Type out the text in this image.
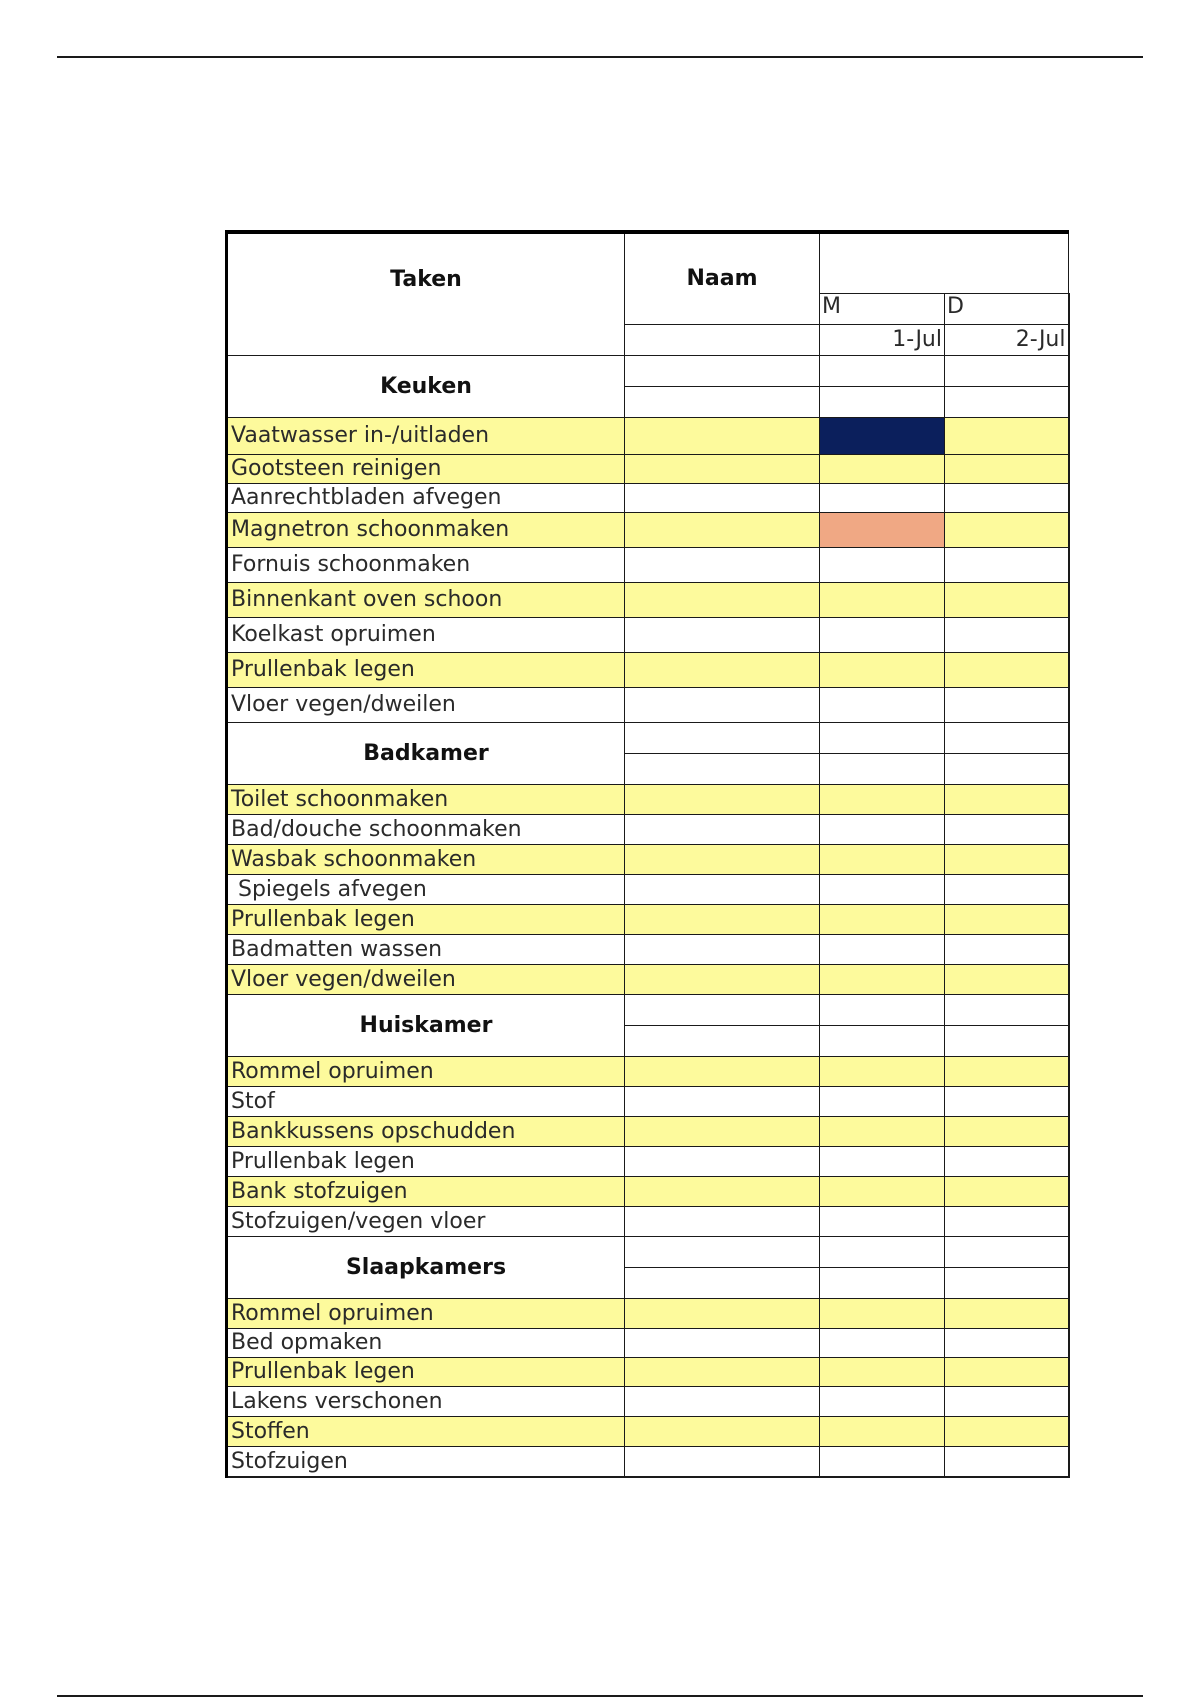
Taken	Naam		
		M	D
		1-Jul	2-Jul
Keuken			

Vaatwasser in-/uitladen			
Gootsteen reinigen			
Aanrechtbladen afvegen			
Magnetron schoonmaken			
Fornuis schoonmaken			
Binnenkant oven schoon			
Koelkast opruimen			
Prullenbak legen			
Vloer vegen/dweilen			
Badkamer			

Toilet schoonmaken			
Bad/douche schoonmaken			
Wasbak schoonmaken			
Spiegels afvegen			
Prullenbak legen			
Badmatten wassen			
Vloer vegen/dweilen			
Huiskamer			

Rommel opruimen			
Stof			
Bankkussens opschudden			
Prullenbak legen			
Bank stofzuigen			
Stofzuigen/vegen vloer			
Slaapkamers			

Rommel opruimen			
Bed opmaken			
Prullenbak legen			
Lakens verschonen			
Stoffen			
Stofzuigen			
